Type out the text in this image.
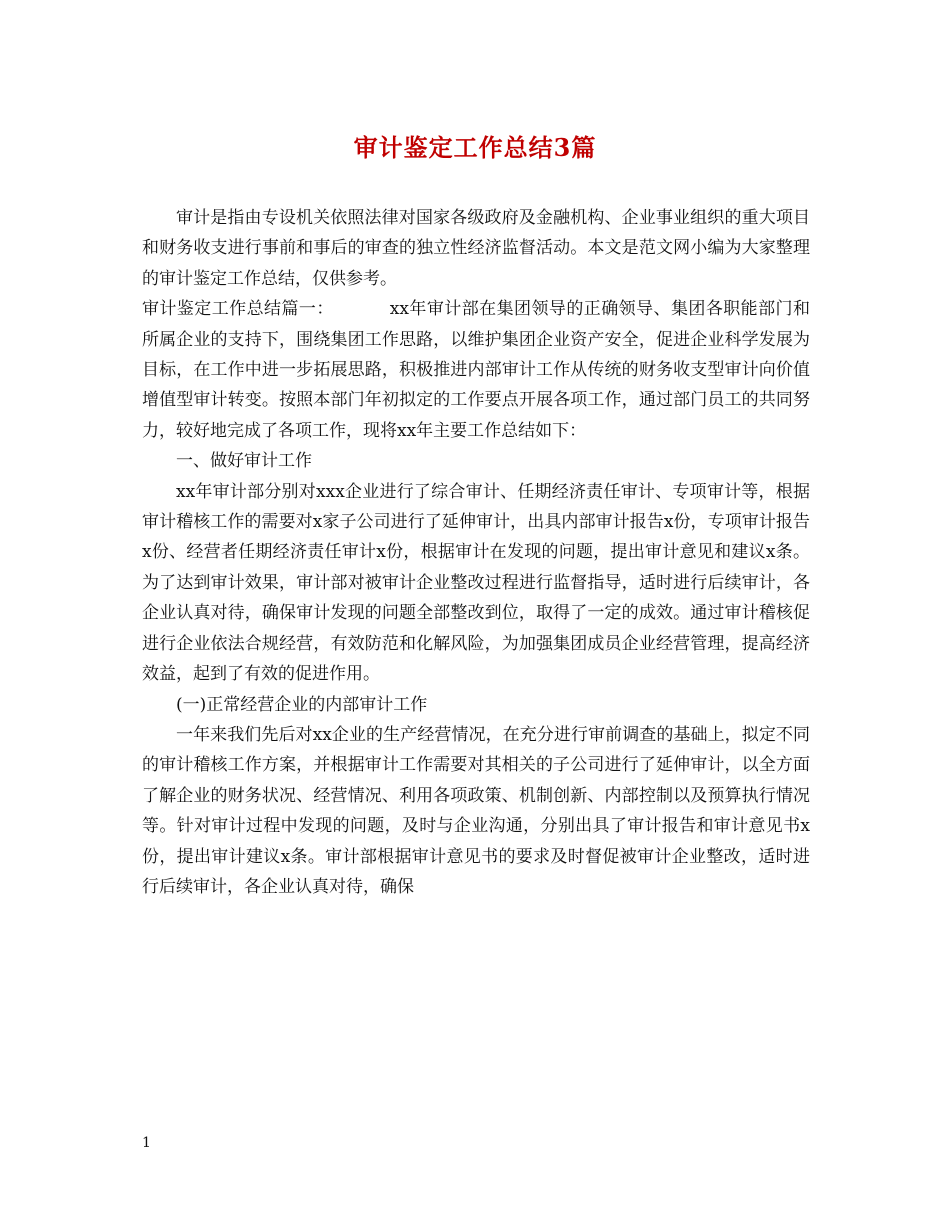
审计鉴定工作总结3篇

审计是指由专设机关依照法律对国家各级政府及金融机构、企业事业组织的重大项目和财务收支进行事前和事后的审查的独立性经济监督活动。本文是范文网小编为大家整理的审计鉴定工作总结，仅供参考。

审计鉴定工作总结篇一：	xx年审计部在集团领导的正确领导、集团各职能部门和所属企业的支持下，围绕集团工作思路，以维护集团企业资产安全，促进企业科学发展为目标，在工作中进一步拓展思路，积极推进内部审计工作从传统的财务收支型审计向价值增值型审计转变。按照本部门年初拟定的工作要点开展各项工作，通过部门员工的共同努力，较好地完成了各项工作，现将xx年主要工作总结如下：

一、做好审计工作

xx年审计部分别对xxx企业进行了综合审计、任期经济责任审计、专项审计等，根据审计稽核工作的需要对x家子公司进行了延伸审计，出具内部审计报告x份，专项审计报告x份、经营者任期经济责任审计x份，根据审计在发现的问题，提出审计意见和建议x条。为了达到审计效果，审计部对被审计企业整改过程进行监督指导，适时进行后续审计，各企业认真对待，确保审计发现的问题全部整改到位，取得了一定的成效。通过审计稽核促进行企业依法合规经营，有效防范和化解风险，为加强集团成员企业经营管理，提高经济效益，起到了有效的促进作用。

(一)正常经营企业的内部审计工作

一年来我们先后对xx企业的生产经营情况，在充分进行审前调查的基础上，拟定不同的审计稽核工作方案，并根据审计工作需要对其相关的子公司进行了延伸审计，以全方面了解企业的财务状况、经营情况、利用各项政策、机制创新、内部控制以及预算执行情况等。针对审计过程中发现的问题，及时与企业沟通，分别出具了审计报告和审计意见书x份，提出审计建议x条。审计部根据审计意见书的要求及时督促被审计企业整改，适时进行后续审计，各企业认真对待，确保

1
